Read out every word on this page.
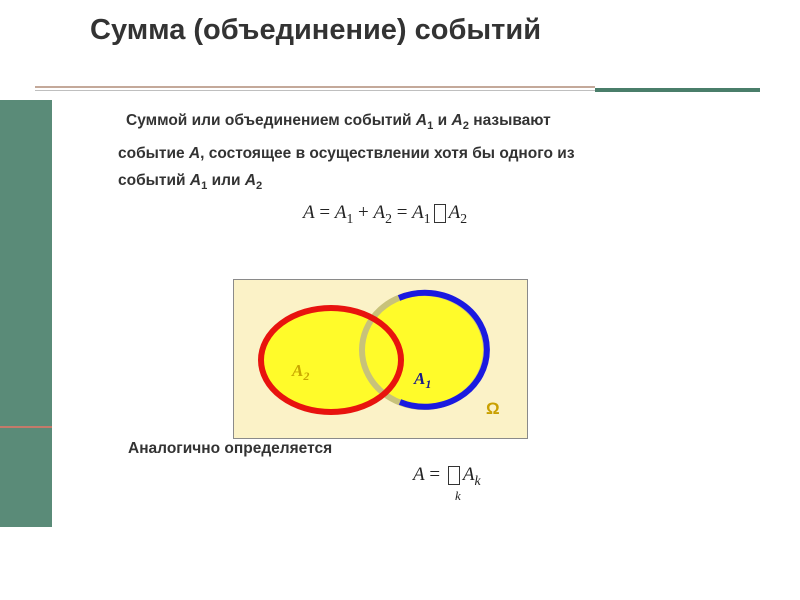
Сумма (объединение) событий
Суммой или объединением событий $A_1$ и $A_2$ называют
событие A, состоящее в осуществлении хотя бы одного из
событий $A_1$ или $A_2$
$A = A_1 + A_2 = A_1$ $A_2$
$A_2$	$A_1$
Ω
Аналогично определяется
$A = A_k$
k
